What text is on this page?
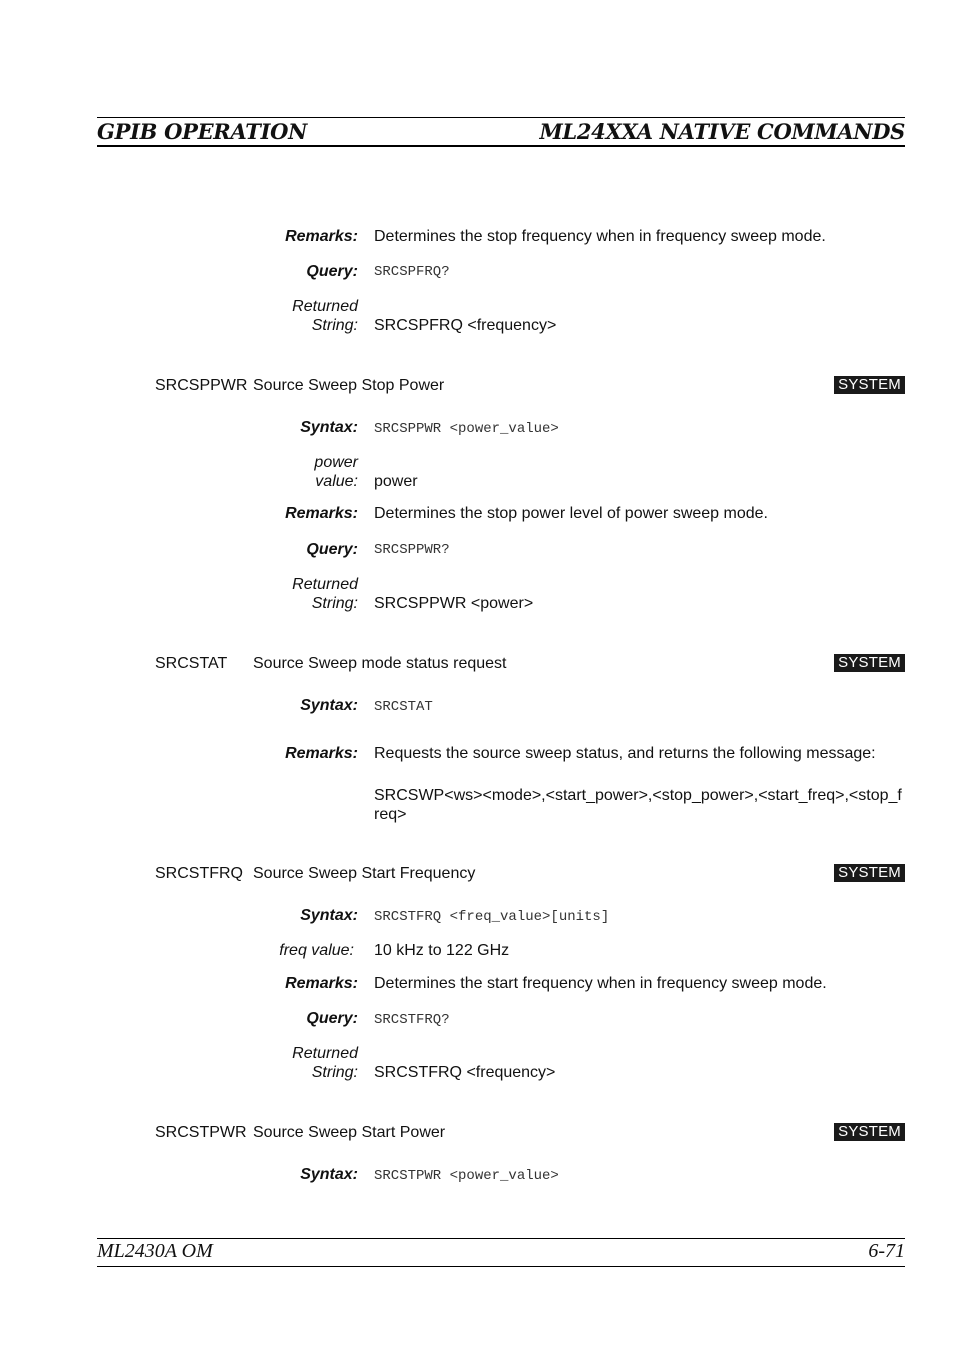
GPIB OPERATION	ML24XXA NATIVE COMMANDS
Remarks: Determines the stop frequency when in frequency sweep mode.
Query: SRCSPFRQ?
Returned
String: SRCSPFRQ <frequency>
SRCSPPWR Source Sweep Stop Power	SYSTEM
Syntax: SRCSPPWR <power_value>
power
value: power
Remarks: Determines the stop power level of power sweep mode.
Query: SRCSPPWR?
Returned
String: SRCSPPWR <power>
SRCSTAT Source Sweep mode status request	SYSTEM
Syntax: SRCSTAT
Remarks: Requests the source sweep status, and returns the following message:
SRCSWP<ws><mode>,<start_power>,<stop_power>,<start_freq>,<stop_freq>
SRCSTFRQ Source Sweep Start Frequency	SYSTEM
Syntax: SRCSTFRQ <freq_value>[units]
freq value: 10 kHz to 122 GHz
Remarks: Determines the start frequency when in frequency sweep mode.
Query: SRCSTFRQ?
Returned
String: SRCSTFRQ <frequency>
SRCSTPWR Source Sweep Start Power	SYSTEM
Syntax: SRCSTPWR <power_value>
ML2430A OM	6-71
